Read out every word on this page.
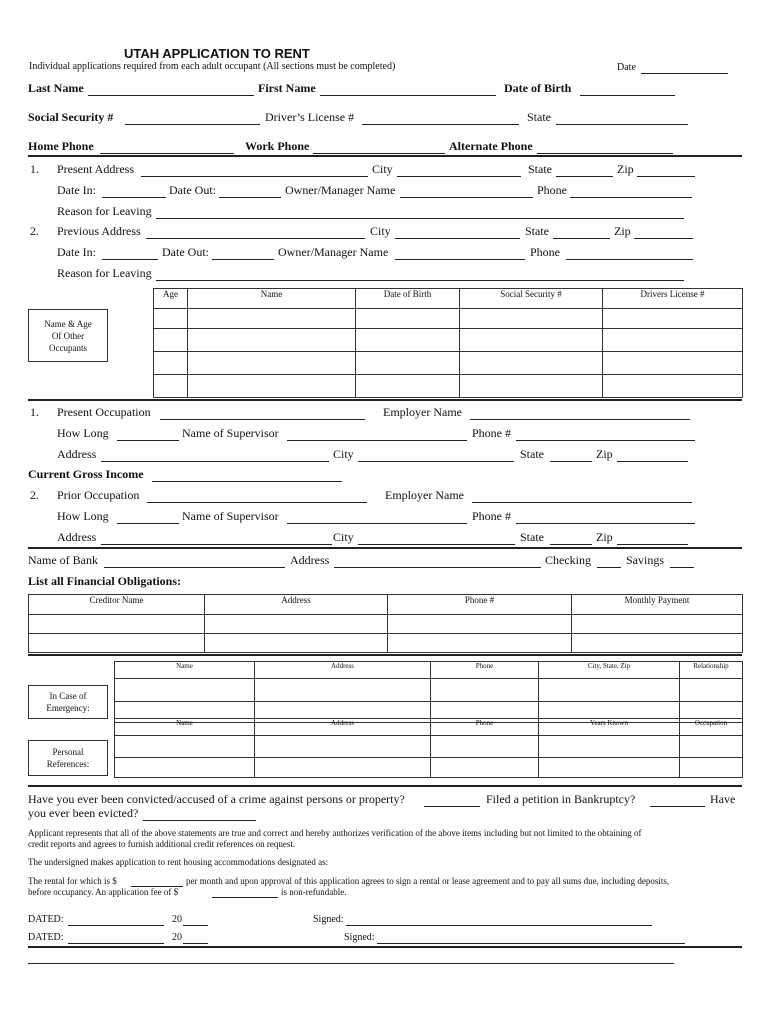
UTAH APPLICATION TO RENT
Individual applications required from each adult occupant (All sections must be completed)	Date
Last Name	First Name	Date of Birth
Social Security #	Driver’s License #	State
Home Phone	Work Phone	Alternate Phone
1. Present Address	City	State	Zip
Date In:	Date Out:	Owner/Manager Name	Phone
Reason for Leaving
2. Previous Address	City	State	Zip
Date In:	Date Out:	Owner/Manager Name	Phone
Reason for Leaving
Name & Age
Of Other
Occupants
Age	Name	Date of Birth	Social Security #	Drivers License #

1. Present Occupation	Employer Name
How Long	Name of Supervisor	Phone #
Address	City	State	Zip
Current Gross Income
2. Prior Occupation	Employer Name
How Long	Name of Supervisor	Phone #
Address	City	State	Zip
Name of Bank	Address	Checking	Savings
List all Financial Obligations:
Creditor Name	Address	Phone #	Monthly Payment

In Case of
Emergency:
Name	Address	Phone	City, State, Zip	Relationship

Personal
References:
Name	Address	Phone	Years Known	Occupation

Have you ever been convicted/accused of a crime against persons or property?	Filed a petition in Bankruptcy?	Have
you ever been evicted?
Applicant represents that all of the above statements are true and correct and hereby authorizes verification of the above items including but not limited to the obtaining of
credit reports and agrees to furnish additional credit references on request.
The undersigned makes application to rent housing accommodations designated as:
The rental for which is $	per month and upon approval of this application agrees to sign a rental or lease agreement and to pay all sums due, including deposits,
before occupancy. An application fee of $	is non-refundable.
DATED:	20	Signed:
DATED:	20	Signed:
